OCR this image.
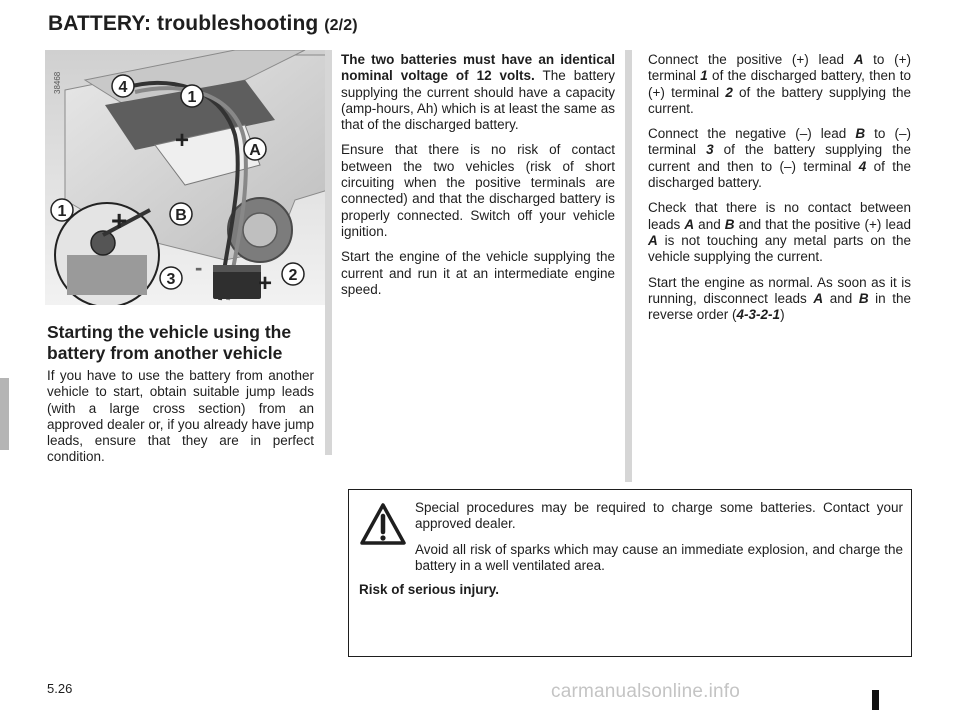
BATTERY: troubleshooting (2/2)
+
+
-
+
38468	4
1
A
1	B
3	2
Starting the vehicle using the battery from another vehicle

If you have to use the battery from another vehicle to start, obtain suitable jump leads (with a large cross section) from an approved dealer or, if you already have jump leads, ensure that they are in perfect condition.

The two batteries must have an identical nominal voltage of 12 volts. The battery supplying the current should have a capacity (amp-hours, Ah) which is at least the same as that of the discharged battery.

Ensure that there is no risk of contact between the two vehicles (risk of short circuiting when the positive terminals are connected) and that the discharged battery is properly connected. Switch off your vehicle ignition.

Start the engine of the vehicle supplying the current and run it at an intermediate engine speed.

Connect the positive (+) lead A to (+) terminal 1 of the discharged battery, then to (+) terminal 2 of the battery supplying the current.

Connect the negative (–) lead B to (–) terminal 3 of the battery supplying the current and then to (–) terminal 4 of the discharged battery.

Check that there is no contact between leads A and B and that the positive (+) lead A is not touching any metal parts on the vehicle supplying the current.

Start the engine as normal. As soon as it is running, disconnect leads A and B in the reverse order (4-3-2-1)

Special procedures may be required to charge some batteries. Contact your approved dealer.

Avoid all risk of sparks which may cause an immediate explosion, and charge the battery in a well ventilated area.

Risk of serious injury.
5.26	carmanualsonline.info
